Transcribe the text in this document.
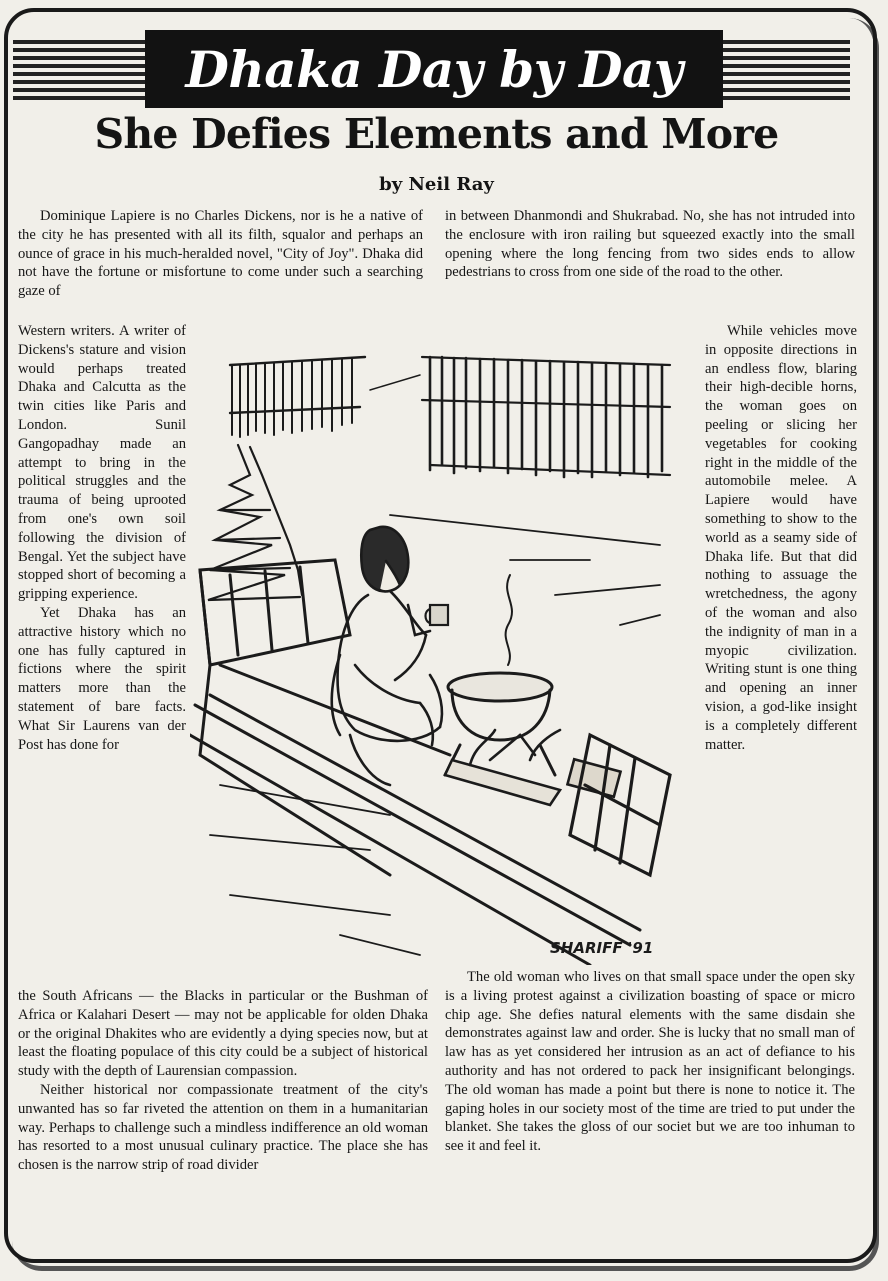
Dhaka Day by Day
She Defies Elements and More
by Neil Ray

Dominique Lapiere is no Charles Dickens, nor is he a native of the city he has presented with all its filth, squalor and perhaps an ounce of grace in his much-heralded novel, "City of Joy". Dhaka did not have the fortune or misfortune to come under such a searching gaze of

Western writers. A writer of Dickens's stature and vision would perhaps treated Dhaka and Calcutta as the twin cities like Paris and London. Sunil Gangopadhay made an attempt to bring in the political struggles and the trauma of being uprooted from one's own soil following the division of Bengal. Yet the subject have stopped short of becoming a gripping experience.

Yet Dhaka has an attractive history which no one has fully captured in fictions where the spirit matters more than the statement of bare facts. What Sir Laurens van der Post has done for

the South Africans — the Blacks in particular or the Bushman of Africa or Kalahari Desert — may not be applicable for olden Dhaka or the original Dhakites who are evidently a dying species now, but at least the floating populace of this city could be a subject of historical study with the depth of Laurensian compassion.

Neither historical nor compassionate treatment of the city's unwanted has so far riveted the attention on them in a humanitarian way. Perhaps to challenge such a mindless indifference an old woman has resorted to a most unusual culinary practice. The place she has chosen is the narrow strip of road divider

in between Dhanmondi and Shukrabad. No, she has not intruded into the enclosure with iron railing but squeezed exactly into the small opening where the long fencing from two sides ends to allow pedestrians to cross from one side of the road to the other.

While vehicles move in opposite directions in an endless flow, blaring their high-decible horns, the woman goes on peeling or slicing her vegetables for cooking right in the middle of the automobile melee. A Lapiere would have something to show to the world as a seamy side of Dhaka life. But that did nothing to assuage the wretchedness, the agony of the woman and also the indignity of man in a myopic civilization. Writing stunt is one thing and opening an inner vision, a god-like insight is a completely different matter.

The old woman who lives on that small space under the open sky is a living protest against a civilization boasting of space or micro chip age. She defies natural elements with the same disdain she demonstrates against law and order. She is lucky that no small man of law has as yet considered her intrusion as an act of defiance to his authority and has not ordered to pack her insignificant belongings. The old woman has made a point but there is none to notice it. The gaping holes in our society most of the time are tried to put under the blanket. She takes the gloss of our societ but we are too inhuman to see it and feel it.

SHARIFF '91
